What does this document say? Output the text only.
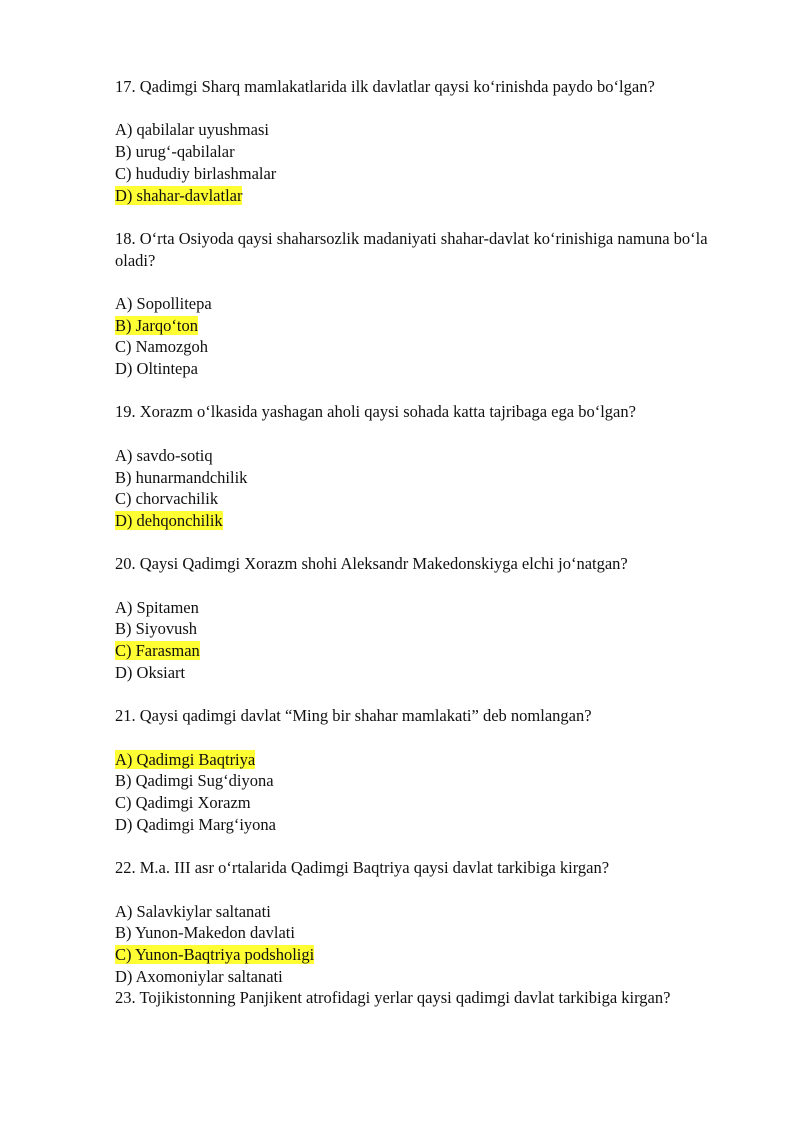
17. Qadimgi Sharq mamlakatlarida ilk davlatlar qaysi ko‘rinishda paydo bo‘lgan?

A) qabilalar uyushmasi

B) urug‘-qabilalar

C) hududiy birlashmalar

D) shahar-davlatlar

18. O‘rta Osiyoda qaysi shaharsozlik madaniyati shahar-davlat ko‘rinishiga namuna bo‘la oladi?

A) Sopollitepa

B) Jarqo‘ton

C) Namozgoh

D) Oltintepa

19. Xorazm o‘lkasida yashagan aholi qaysi sohada katta tajribaga ega bo‘lgan?

A) savdo-sotiq

B) hunarmandchilik

C) chorvachilik

D) dehqonchilik

20. Qaysi Qadimgi Xorazm shohi Aleksandr Makedonskiyga elchi jo‘natgan?

A) Spitamen

B) Siyovush

C) Farasman

D) Oksiart

21. Qaysi qadimgi davlat “Ming bir shahar mamlakati” deb nomlangan?

A) Qadimgi Baqtriya

B) Qadimgi Sug‘diyona

C) Qadimgi Xorazm

D) Qadimgi Marg‘iyona

22. M.a. III asr o‘rtalarida Qadimgi Baqtriya qaysi davlat tarkibiga kirgan?

A) Salavkiylar saltanati

B) Yunon-Makedon davlati

C) Yunon-Baqtriya podsholigi

D) Axomoniylar saltanati

23. Tojikistonning Panjikent atrofidagi yerlar qaysi qadimgi davlat tarkibiga kirgan?
